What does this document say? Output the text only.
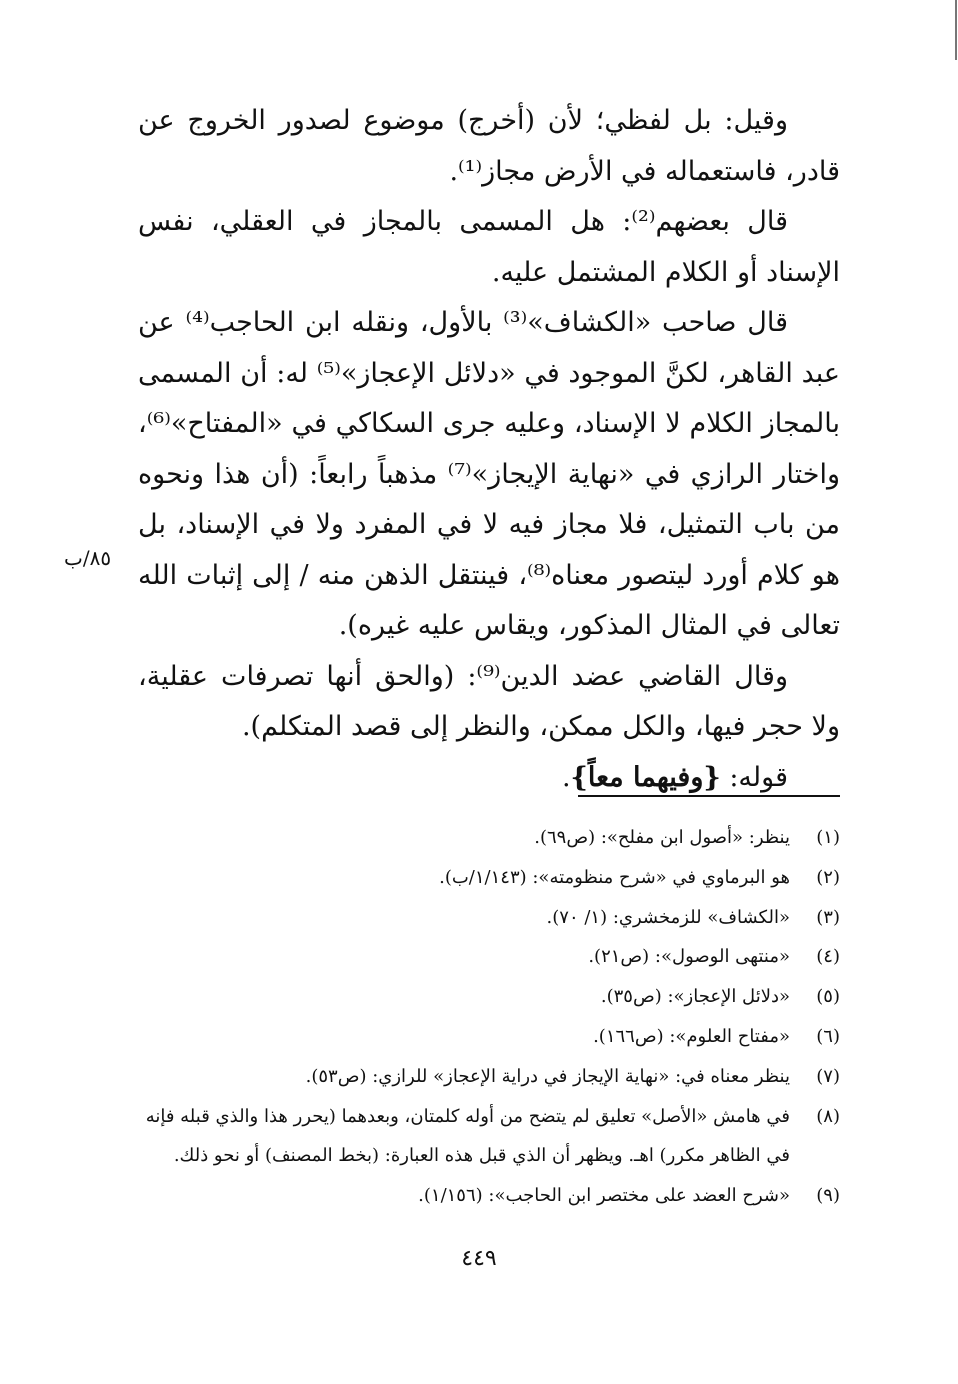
وقيل: بل لفظي؛ لأن (أخرج) موضوع لصدور الخروج عن قادر، فاستعماله في الأرض مجاز⁽¹⁾.

قال بعضهم⁽²⁾: هل المسمى بالمجاز في العقلي، نفس الإسناد أو الكلام المشتمل عليه.

قال صاحب «الكشاف»⁽³⁾ بالأول، ونقله ابن الحاجب⁽⁴⁾ عن عبد القاهر، لكنَّ الموجود في «دلائل الإعجاز»⁽⁵⁾ له: أن المسمى بالمجاز الكلام لا الإسناد، وعليه جرى السكاكي في «المفتاح»⁽⁶⁾، واختار الرازي في «نهاية الإيجاز»⁽⁷⁾ مذهباً رابعاً: (أن هذا ونحوه من باب التمثيل، فلا مجاز فيه لا في المفرد ولا في الإسناد، بل هو كلام أورد ليتصور معناه⁽⁸⁾، فينتقل الذهن منه / إلى إثبات الله تعالى في المثال المذكور، ويقاس عليه غيره).

وقال القاضي عضد الدين⁽⁹⁾: (والحق أنها تصرفات عقلية، ولا حجر فيها، والكل ممكن، والنظر إلى قصد المتكلم).

قوله: {وفيهما معاً}.

٨٥/ب
(١)
ينظر: «أصول ابن مفلح»: (ص٦٩).
(٢)
هو البرماوي في «شرح منظومته»: (١/١٤٣/ب).
(٣)
«الكشاف» للزمخشري: (١/ ٧٠).
(٤)
«منتهى الوصول»: (ص٢١).
(٥)
«دلائل الإعجاز»: (ص٣٥).
(٦)
«مفتاح العلوم»: (ص١٦٦).
(٧)
ينظر معناه في: «نهاية الإيجاز في دراية الإعجاز» للرازي: (ص٥٣).
(٨)
في هامش «الأصل» تعليق لم يتضح من أوله كلمتان، وبعدهما (يحرر هذا والذي قبله فإنه في الظاهر مكرر) اهـ. ويظهر أن الذي قبل هذه العبارة: (بخط المصنف) أو نحو ذلك.
(٩)
«شرح العضد على مختصر ابن الحاجب»: (١/١٥٦).
٤٤٩
